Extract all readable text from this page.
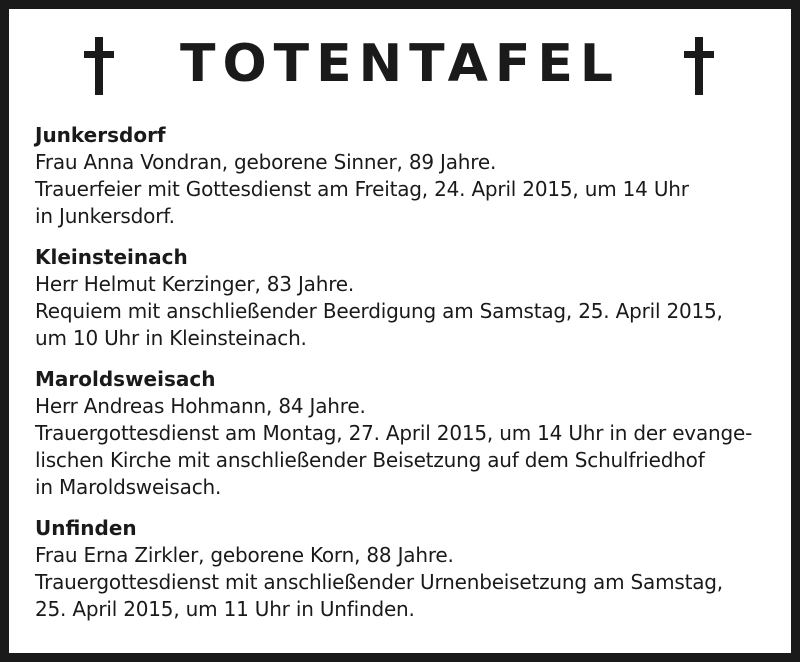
TOTENTAFEL
Junkersdorf
Frau Anna Vondran, geborene Sinner, 89 Jahre.
Trauerfeier mit Gottesdienst am Freitag, 24. April 2015, um 14 Uhr
in Junkersdorf.
Kleinsteinach
Herr Helmut Kerzinger, 83 Jahre.
Requiem mit anschließender Beerdigung am Samstag, 25. April 2015,
um 10 Uhr in Kleinsteinach.
Maroldsweisach
Herr Andreas Hohmann, 84 Jahre.
Trauergottesdienst am Montag, 27. April 2015, um 14 Uhr in der evange-
lischen Kirche mit anschließender Beisetzung auf dem Schulfriedhof
in Maroldsweisach.
Unfinden
Frau Erna Zirkler, geborene Korn, 88 Jahre.
Trauergottesdienst mit anschließender Urnenbeisetzung am Samstag,
25. April 2015, um 11 Uhr in Unfinden.
